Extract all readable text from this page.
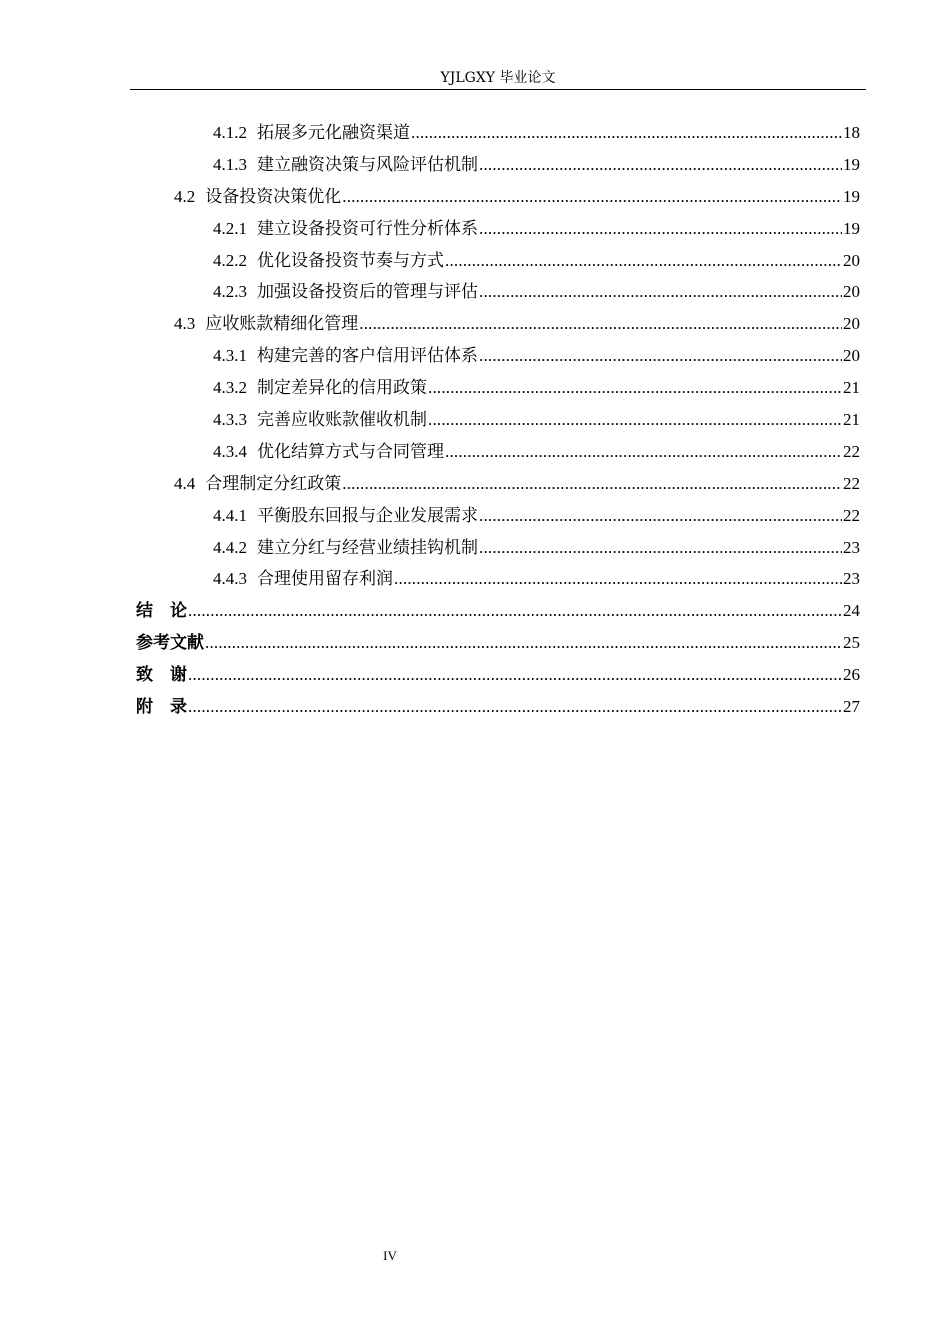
YJLGXY 毕业论文
4.1.2 拓展多元化融资渠道 .....	18
4.1.3 建立融资决策与风险评估机制 .....	19
4.2 设备投资决策优化 .....	19
4.2.1 建立设备投资可行性分析体系 .....	19
4.2.2 优化设备投资节奏与方式 .....	20
4.2.3 加强设备投资后的管理与评估 .....	20
4.3 应收账款精细化管理 .....	20
4.3.1 构建完善的客户信用评估体系 .....	20
4.3.2 制定差异化的信用政策 .....	21
4.3.3 完善应收账款催收机制 .....	21
4.3.4 优化结算方式与合同管理 .....	22
4.4 合理制定分红政策 .....	22
4.4.1 平衡股东回报与企业发展需求 .....	22
4.4.2 建立分红与经营业绩挂钩机制 .....	23
4.4.3 合理使用留存利润 .....	23
结　论 .....	24
参考文献 .....	25
致　谢 .....	26
附　录 .....	27
IV
